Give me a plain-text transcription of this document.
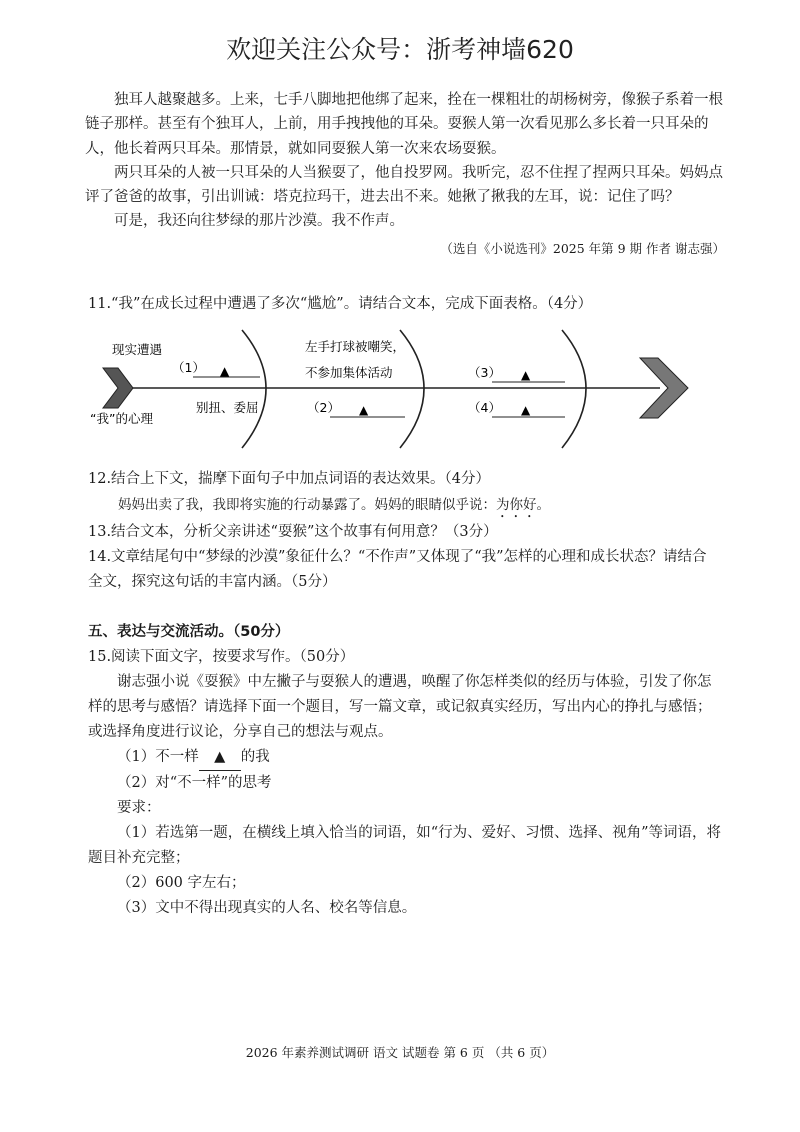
欢迎关注公众号：浙考神墙620

独耳人越聚越多。上来，七手八脚地把他绑了起来，拴在一棵粗壮的胡杨树旁，像猴子系着一根链子那样。甚至有个独耳人，上前，用手拽拽他的耳朵。耍猴人第一次看见那么多长着一只耳朵的人，他长着两只耳朵。那情景，就如同耍猴人第一次来农场耍猴。

两只耳朵的人被一只耳朵的人当猴耍了，他自投罗网。我听完，忍不住捏了捏两只耳朵。妈妈点评了爸爸的故事，引出训诫：塔克拉玛干，进去出不来。她揪了揪我的左耳，说：记住了吗？

可是，我还向往梦绿的那片沙漠。我不作声。

（选自《小说选刊》2025 年第 9 期 作者 谢志强）
11.“我”在成长过程中遭遇了多次“尴尬”。请结合文本，完成下面表格。（4分）
现实遭遇
“我”的心理
（1） ▲
别扭、委屈
左手打球被嘲笑，
不参加集体活动
（2） ▲
（3） ▲
（4） ▲
12.结合上下文，揣摩下面句子中加点词语的表达效果。（4分）
妈妈出卖了我，我即将实施的行动暴露了。妈妈的眼睛似乎说：为你好。
13.结合文本，分析父亲讲述“耍猴”这个故事有何用意？（3分）
14.文章结尾句中“梦绿的沙漠”象征什么？“不作声”又体现了“我”怎样的心理和成长状态？请结合全文，探究这句话的丰富内涵。（5分）
五、表达与交流活动。（50分）
15.阅读下面文字，按要求写作。（50分）
谢志强小说《耍猴》中左撇子与耍猴人的遭遇，唤醒了你怎样类似的经历与体验，引发了你怎样的思考与感悟？请选择下面一个题目，写一篇文章，或记叙真实经历，写出内心的挣扎与感悟；或选择角度进行议论，分享自己的想法与观点。
（1）不一样 ▲ 的我
（2）对“不一样”的思考
要求：
（1）若选第一题，在横线上填入恰当的词语，如“行为、爱好、习惯、选择、视角”等词语，将题目补充完整；
（2）600 字左右；
（3）文中不得出现真实的人名、校名等信息。
2026 年素养测试调研 语文 试题卷 第 6 页 （共 6 页）
